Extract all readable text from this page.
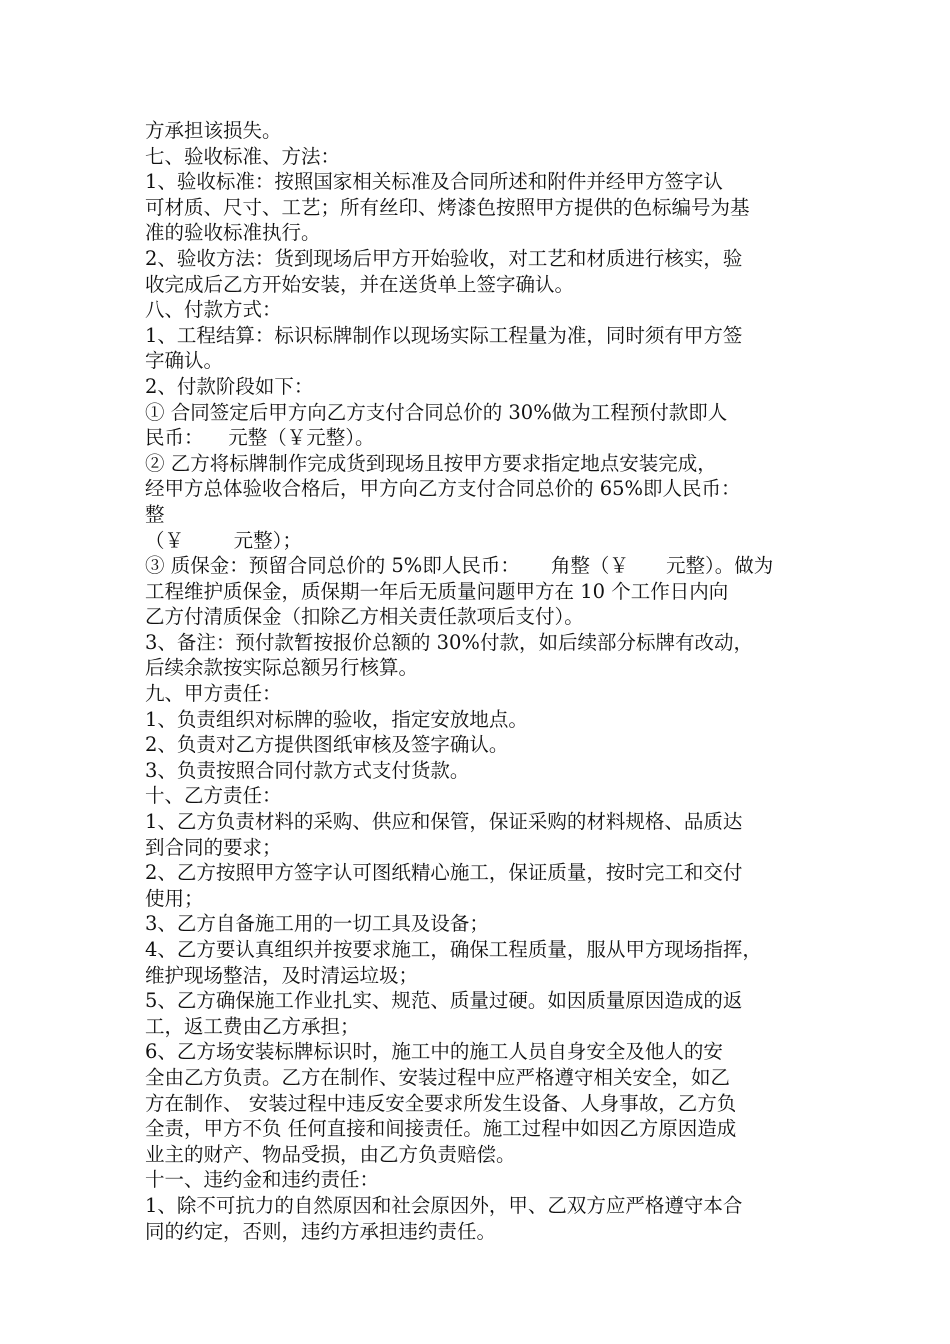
方承担该损失。
七、验收标准、方法：
1、验收标准：按照国家相关标准及合同所述和附件并经甲方签字认
可材质、尺寸、工艺；所有丝印、烤漆色按照甲方提供的色标编号为基
准的验收标准执行。
2、验收方法：货到现场后甲方开始验收，对工艺和材质进行核实，验
收完成后乙方开始安装，并在送货单上签字确认。
八、付款方式：
1、工程结算：标识标牌制作以现场实际工程量为准，同时须有甲方签
字确认。
2、付款阶段如下：
① 合同签定后甲方向乙方支付合同总价的 30%做为工程预付款即人
民币：    元整（￥元整）。
② 乙方将标牌制作完成货到现场且按甲方要求指定地点安装完成，
经甲方总体验收合格后，甲方向乙方支付合同总价的 65%即人民币：
整
（￥        元整）；
③ 质保金：预留合同总价的 5%即人民币：     角整（￥      元整）。做为
工程维护质保金，质保期一年后无质量问题甲方在 10 个工作日内向
乙方付清质保金（扣除乙方相关责任款项后支付）。
3、备注：预付款暂按报价总额的 30%付款，如后续部分标牌有改动，
后续余款按实际总额另行核算。
九、甲方责任：
1、负责组织对标牌的验收，指定安放地点。
2、负责对乙方提供图纸审核及签字确认。
3、负责按照合同付款方式支付货款。
十、乙方责任：
1、乙方负责材料的采购、供应和保管，保证采购的材料规格、品质达
到合同的要求；
2、乙方按照甲方签字认可图纸精心施工，保证质量，按时完工和交付
使用；
3、乙方自备施工用的一切工具及设备；
4、乙方要认真组织并按要求施工，确保工程质量，服从甲方现场指挥，
维护现场整洁，及时清运垃圾；
5、乙方确保施工作业扎实、规范、质量过硬。如因质量原因造成的返
工，返工费由乙方承担；
6、乙方场安装标牌标识时，施工中的施工人员自身安全及他人的安
全由乙方负责。乙方在制作、安装过程中应严格遵守相关安全，如乙
方在制作、 安装过程中违反安全要求所发生设备、人身事故，乙方负
全责，甲方不负 任何直接和间接责任。施工过程中如因乙方原因造成
业主的财产、物品受损，由乙方负责赔偿。
十一、违约金和违约责任：
1、除不可抗力的自然原因和社会原因外，甲、乙双方应严格遵守本合
同的约定，否则，违约方承担违约责任。
